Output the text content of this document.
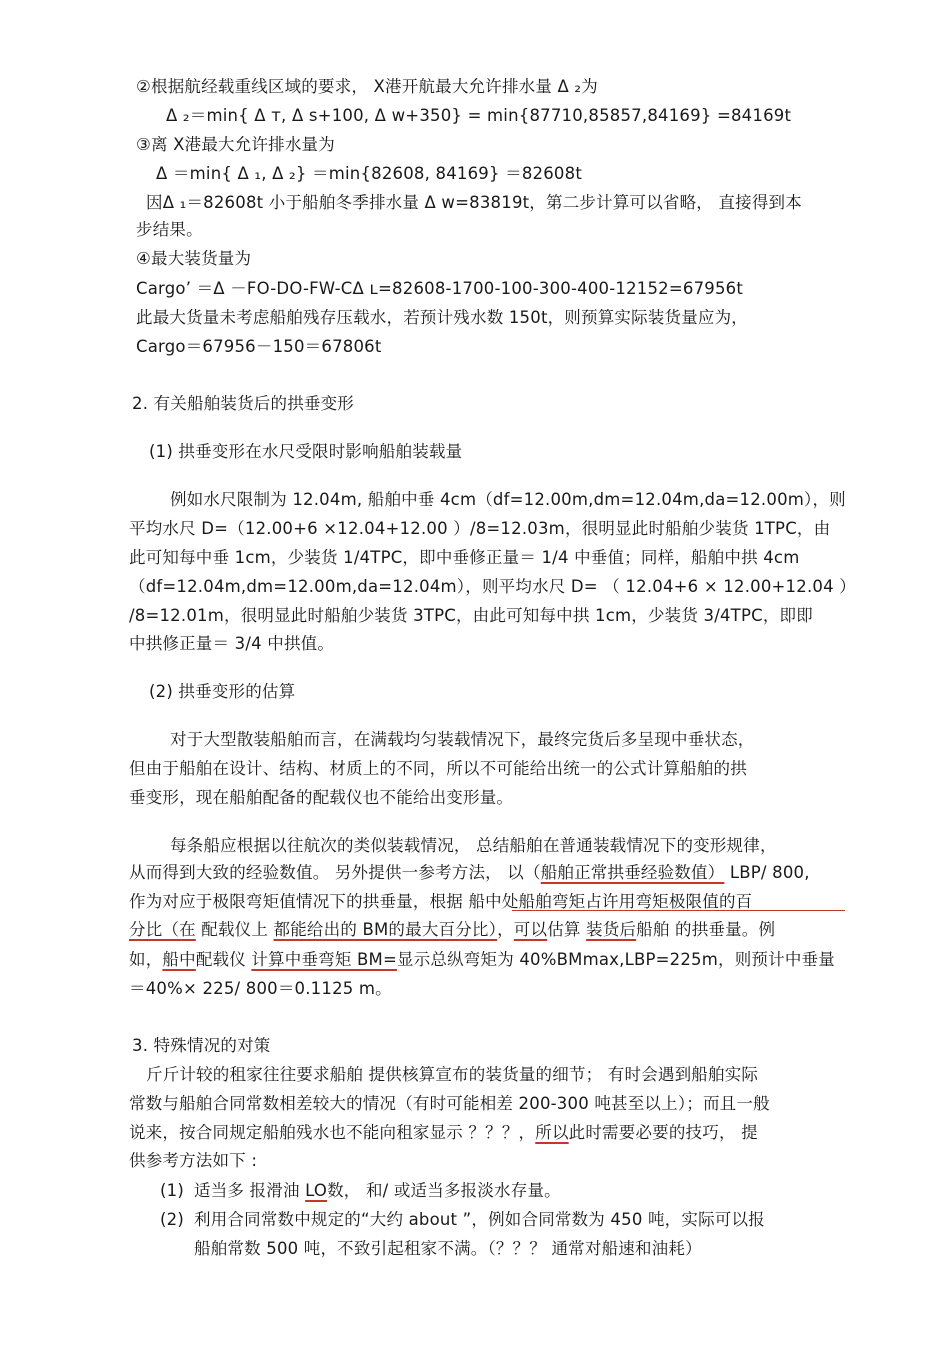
②根据航经载重线区域的要求， X港开航最大允许排水量 Δ ₂为
Δ ₂＝min{ Δ ᴛ, Δ s+100, Δ ᴡ+350} = min{87710,85857,84169} =84169t
③离 X港最大允许排水量为
Δ ＝min{ Δ ₁, Δ ₂} ＝min{82608, 84169} ＝82608t
因Δ ₁＝82608t 小于船舶冬季排水量 Δ ᴡ=83819t，第二步计算可以省略， 直接得到本
步结果。
④最大装货量为
Cargo’ ＝Δ －FO-DO-FW-CΔ ʟ=82608-1700-100-300-400-12152=67956t
此最大货量未考虑船舶残存压载水，若预计残水数 150t，则预算实际装货量应为，
Cargo＝67956－150＝67806t
2. 有关船舶装货后的拱垂变形
(1) 拱垂变形在水尺受限时影响船舶装载量
例如水尺限制为 12.04m, 船舶中垂 4cm（df=12.00m,dm=12.04m,da=12.00m），则
平均水尺 D=（12.00+6 ×12.04+12.00 ）/8=12.03m，很明显此时船舶少装货 1TPC，由
此可知每中垂 1cm，少装货 1/4TPC，即中垂修正量＝ 1/4 中垂值；同样，船舶中拱 4cm
（df=12.04m,dm=12.00m,da=12.04m），则平均水尺 D= （ 12.04+6 × 12.00+12.04 ）
/8=12.01m，很明显此时船舶少装货 3TPC，由此可知每中拱 1cm，少装货 3/4TPC，即即
中拱修正量＝ 3/4 中拱值。
(2) 拱垂变形的估算
对于大型散装船舶而言，在满载均匀装载情况下，最终完货后多呈现中垂状态，
但由于船舶在设计、结构、材质上的不同，所以不可能给出统一的公式计算船舶的拱
垂变形，现在船舶配备的配载仪也不能给出变形量。
每条船应根据以往航次的类似装载情况， 总结船舶在普通装载情况下的变形规律，
从而得到大致的经验数值。 另外提供一参考方法， 以（船舶正常拱垂经验数值） LBP/ 800,
作为对应于极限弯矩值情况下的拱垂量，根据 船中处船舶弯矩占许用弯矩极限值的百
分比（在 配载仪上 都能给出的 BM的最大百分比），可以估算 装货后船舶 的拱垂量。例
如，船中配载仪 计算中垂弯矩 BM=显示总纵弯矩为 40%BMmax,LBP=225m，则预计中垂量
＝40%× 225/ 800＝0.1125 m。
3. 特殊情况的对策
斤斤计较的租家往往要求船舶 提供核算宣布的装货量的细节； 有时会遇到船舶实际
常数与船舶合同常数相差较大的情况（有时可能相差 200-300 吨甚至以上）；而且一般
说来，按合同规定船舶残水也不能向租家显示 ？？？，所以此时需要必要的技巧， 提
供参考方法如下 :
(1) 适当多 报滑油 LO数， 和/ 或适当多报淡水存量。
(2) 利用合同常数中规定的“大约 about ”，例如合同常数为 450 吨，实际可以报
船舶常数 500 吨，不致引起租家不满。（？？？ 通常对船速和油耗）
